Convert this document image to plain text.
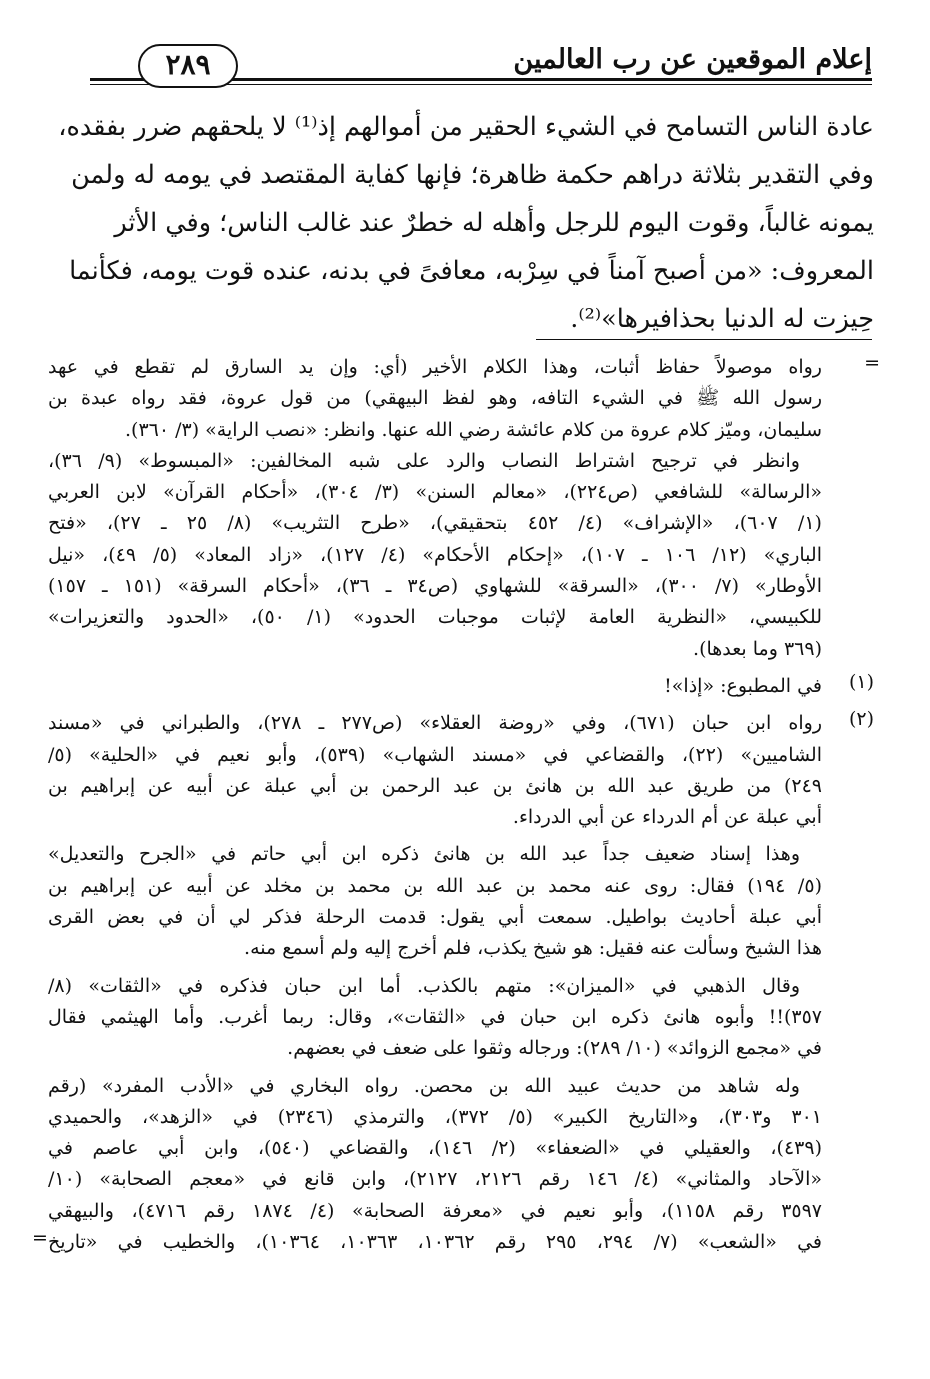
إعلام الموقعين عن رب العالمين
٢٨٩
عادة الناس التسامح في الشيء الحقير من أموالهم إذ⁽¹⁾ لا يلحقهم ضرر بفقده،
وفي التقدير بثلاثة دراهم حكمة ظاهرة؛ فإنها كفاية المقتصد في يومه له ولمن
يمونه غالباً، وقوت اليوم للرجل وأهله له خطرٌ عند غالب الناس؛ وفي الأثر
المعروف: «من أصبح آمناً في سِرْبه، معافىً في بدنه، عنده قوت يومه، فكأنما
حِيزت له الدنيا بحذافيرها»⁽²⁾.
=
رواه موصولاً حفاظ أثبات، وهذا الكلام الأخير (أي: وإن يد السارق لم تقطع في عهد
رسول الله ﷺ في الشيء التافه، وهو لفظ البيهقي) من قول عروة، فقد رواه عبدة بن
سليمان، وميّز كلام عروة من كلام عائشة رضي الله عنها. وانظر: «نصب الراية» (٣/ ٣٦٠).
وانظر في ترجيح اشتراط النصاب والرد على شبه المخالفين: «المبسوط» (٩/ ٣٦)،
«الرسالة» للشافعي (ص٢٢٤)، «معالم السنن» (٣/ ٣٠٤)، «أحكام القرآن» لابن العربي
(١/ ٦٠٧)، «الإشراف» (٤/ ٤٥٢ بتحقيقي)، «طرح التثريب» (٨/ ٢٥ ـ ٢٧)، «فتح
الباري» (١٢/ ١٠٦ ـ ١٠٧)، «إحكام الأحكام» (٤/ ١٢٧)، «زاد المعاد» (٥/ ٤٩)، «نيل
الأوطار» (٧/ ٣٠٠)، «السرقة» للشهاوي (ص٣٤ ـ ٣٦)، «أحكام السرقة» (١٥١ ـ ١٥٧)
للكبيسي، «النظرية العامة لإثبات موجبات الحدود» (١/ ٥٠)، «الحدود والتعزيرات»
(٣٦٩ وما بعدها).
(١)
في المطبوع: «إذا»!
(٢)
رواه ابن حبان (٦٧١)، وفي «روضة العقلاء» (ص٢٧٧ ـ ٢٧٨)، والطبراني في «مسند
الشاميين» (٢٢)، والقضاعي في «مسند الشهاب» (٥٣٩)، وأبو نعيم في «الحلية» (٥/
٢٤٩) من طريق عبد الله بن هانئ بن عبد الرحمن بن أبي عبلة عن أبيه عن إبراهيم بن
أبي عبلة عن أم الدرداء عن أبي الدرداء.
وهذا إسناد ضعيف جداً عبد الله بن هانئ ذكره ابن أبي حاتم في «الجرح والتعديل»
(٥/ ١٩٤) فقال: روى عنه محمد بن عبد الله بن محمد بن مخلد عن أبيه عن إبراهيم بن
أبي عبلة أحاديث بواطيل. سمعت أبي يقول: قدمت الرحلة فذكر لي أن في بعض القرى
هذا الشيخ وسألت عنه فقيل: هو شيخ يكذب، فلم أخرج إليه ولم أسمع منه.
وقال الذهبي في «الميزان»: متهم بالكذب. أما ابن حبان فذكره في «الثقات» (٨/
٣٥٧)!! وأبوه هانئ ذكره ابن حبان في «الثقات»، وقال: ربما أغرب. وأما الهيثمي فقال
في «مجمع الزوائد» (١٠/ ٢٨٩): ورجاله وثقوا على ضعف في بعضهم.
وله شاهد من حديث عبيد الله بن محصن. رواه البخاري في «الأدب المفرد» (رقم
٣٠١ و٣٠٣)، و«التاريخ الكبير» (٥/ ٣٧٢)، والترمذي (٢٣٤٦) في «الزهد»، والحميدي
(٤٣٩)، والعقيلي في «الضعفاء» (٢/ ١٤٦)، والقضاعي (٥٤٠)، وابن أبي عاصم في
«الآحاد والمثاني» (٤/ ١٤٦ رقم ٢١٢٦، ٢١٢٧)، وابن قانع في «معجم الصحابة» (١٠/
٣٥٩٧ رقم ١١٥٨)، وأبو نعيم في «معرفة الصحابة» (٤/ ١٨٧٤ رقم ٤٧١٦)، والبيهقي
في «الشعب» (٧/ ٢٩٤، ٢٩٥ رقم ١٠٣٦٢، ١٠٣٦٣، ١٠٣٦٤)، والخطيب في «تاريخ
=
